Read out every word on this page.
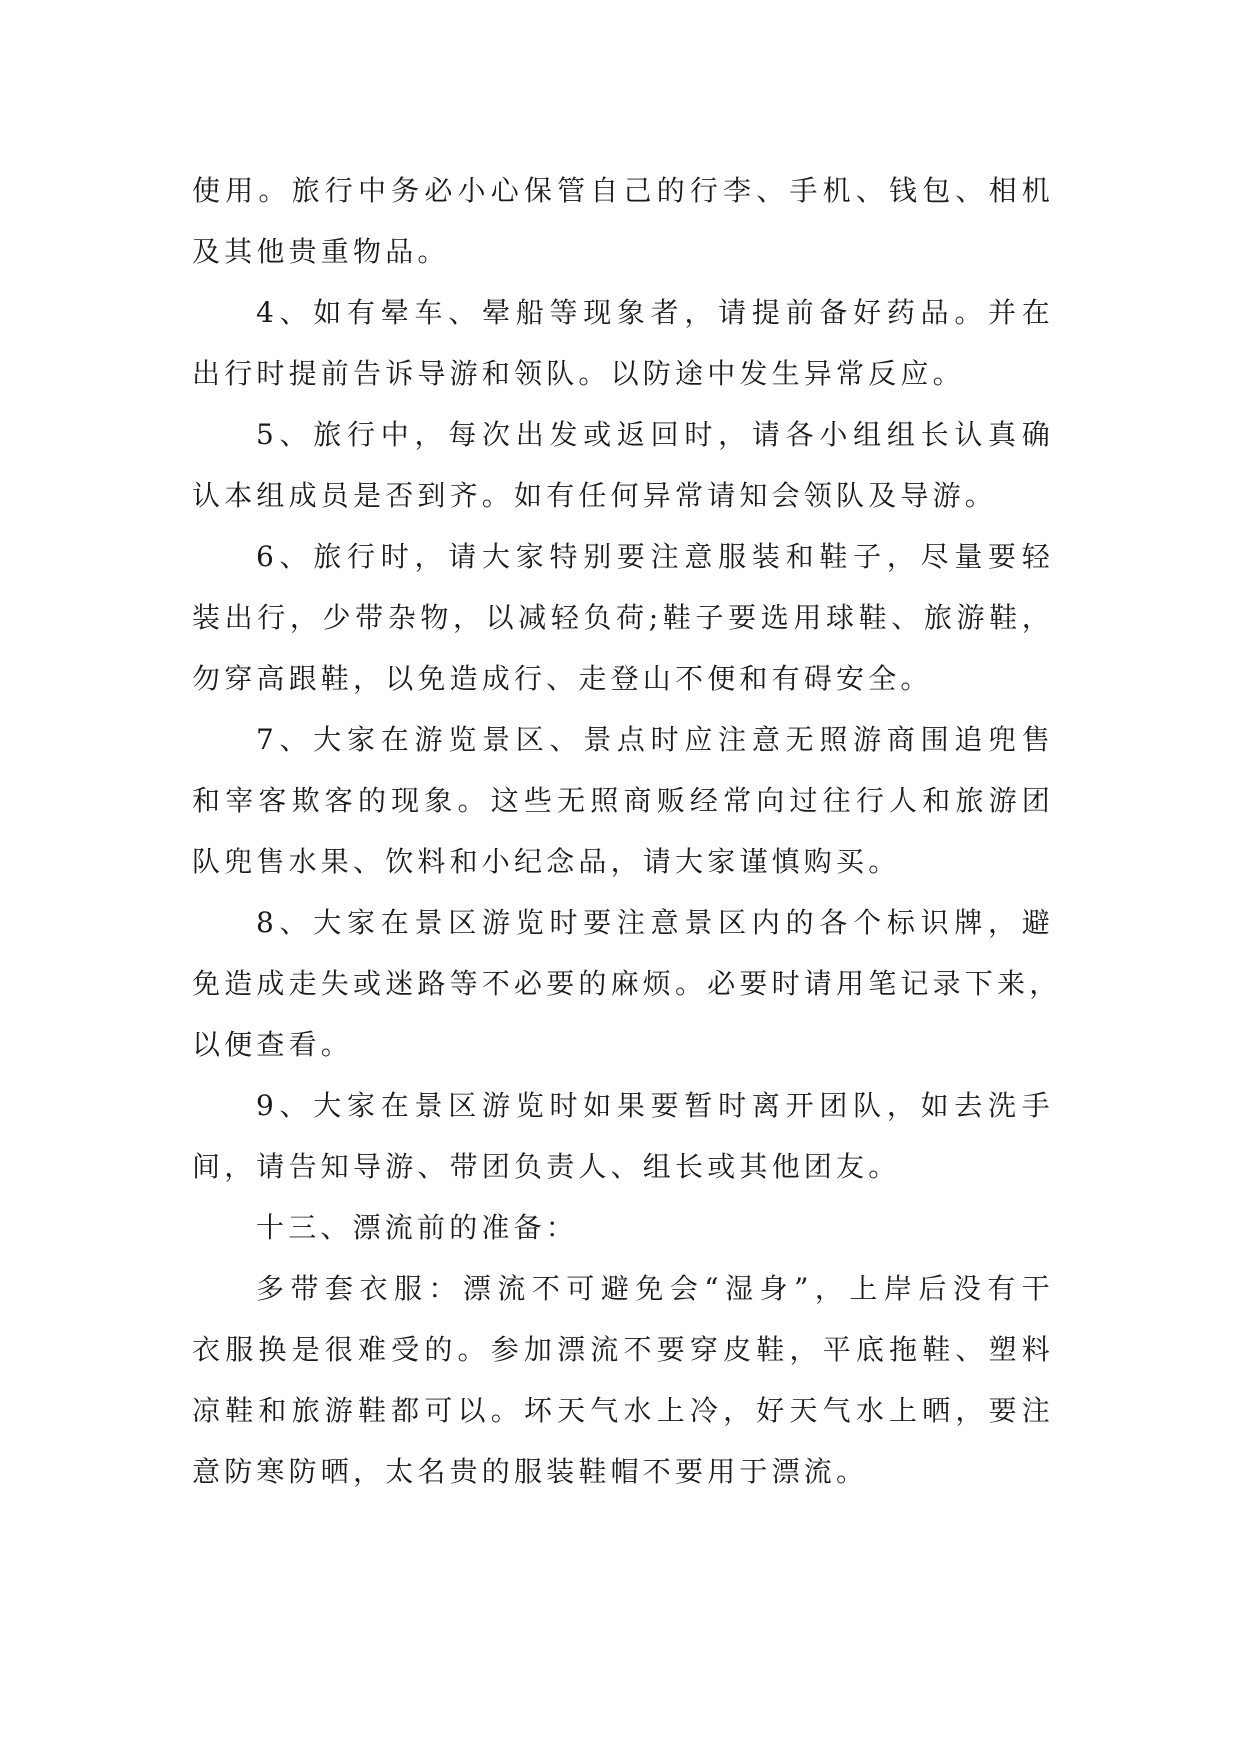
使用。旅行中务必小心保管自己的行李、手机、钱包、相机
及其他贵重物品。

4、如有晕车、晕船等现象者，请提前备好药品。并在
出行时提前告诉导游和领队。以防途中发生异常反应。

5、旅行中，每次出发或返回时，请各小组组长认真确
认本组成员是否到齐。如有任何异常请知会领队及导游。

6、旅行时，请大家特别要注意服装和鞋子，尽量要轻
装出行，少带杂物，以减轻负荷;鞋子要选用球鞋、旅游鞋，
勿穿高跟鞋，以免造成行、走登山不便和有碍安全。

7、大家在游览景区、景点时应注意无照游商围追兜售
和宰客欺客的现象。这些无照商贩经常向过往行人和旅游团
队兜售水果、饮料和小纪念品，请大家谨慎购买。

8、大家在景区游览时要注意景区内的各个标识牌，避
免造成走失或迷路等不必要的麻烦。必要时请用笔记录下来，
以便查看。

9、大家在景区游览时如果要暂时离开团队，如去洗手
间，请告知导游、带团负责人、组长或其他团友。

十三、漂流前的准备：

多带套衣服：漂流不可避免会“湿身”，上岸后没有干
衣服换是很难受的。参加漂流不要穿皮鞋，平底拖鞋、塑料
凉鞋和旅游鞋都可以。坏天气水上冷，好天气水上晒，要注
意防寒防晒，太名贵的服装鞋帽不要用于漂流。
